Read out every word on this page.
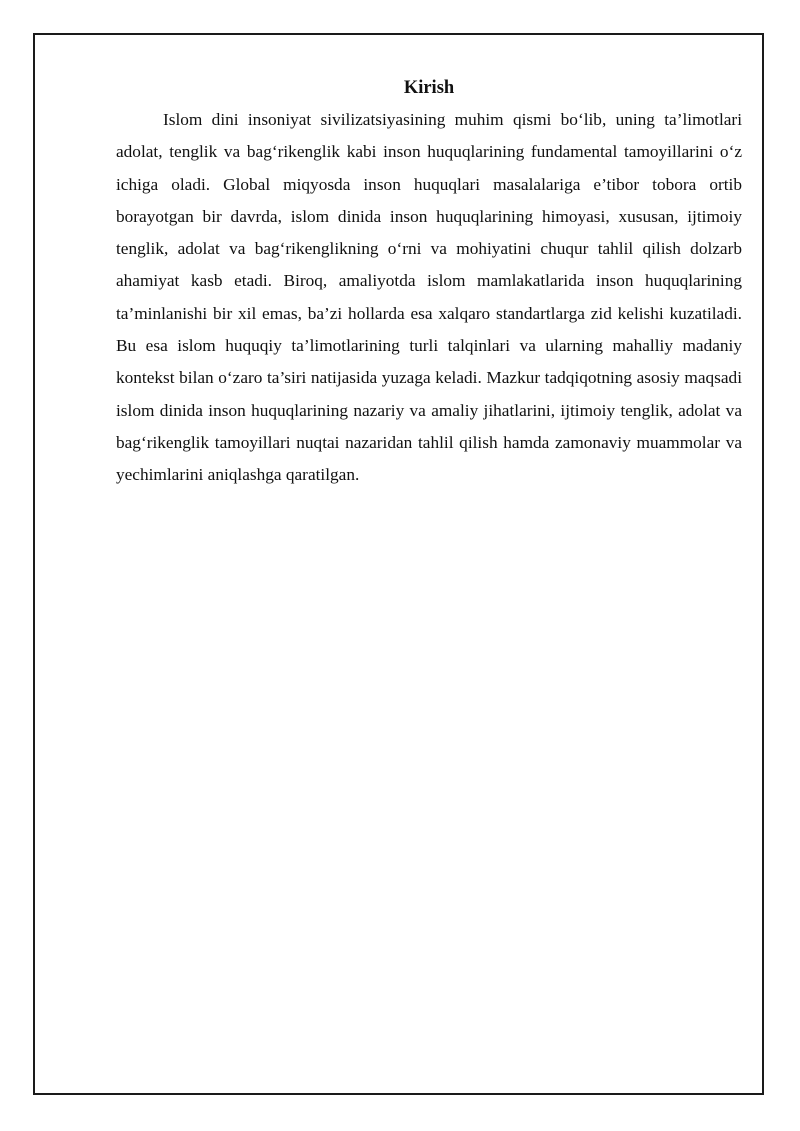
Kirish

Islom dini insoniyat sivilizatsiyasining muhim qismi bo‘lib, uning ta’limotlari adolat, tenglik va bag‘rikenglik kabi inson huquqlarining fundamental tamoyillarini o‘z ichiga oladi. Global miqyosda inson huquqlari masalalariga e’tibor tobora ortib borayotgan bir davrda, islom dinida inson huquqlarining himoyasi, xususan, ijtimoiy tenglik, adolat va bag‘rikenglikning o‘rni va mohiyatini chuqur tahlil qilish dolzarb ahamiyat kasb etadi. Biroq, amaliyotda islom mamlakatlarida inson huquqlarining ta’minlanishi bir xil emas, ba’zi hollarda esa xalqaro standartlarga zid kelishi kuzatiladi. Bu esa islom huquqiy ta’limotlarining turli talqinlari va ularning mahalliy madaniy kontekst bilan o‘zaro ta’siri natijasida yuzaga keladi. Mazkur tadqiqotning asosiy maqsadi islom dinida inson huquqlarining nazariy va amaliy jihatlarini, ijtimoiy tenglik, adolat va bag‘rikenglik tamoyillari nuqtai nazaridan tahlil qilish hamda zamonaviy muammolar va yechimlarini aniqlashga qaratilgan.
